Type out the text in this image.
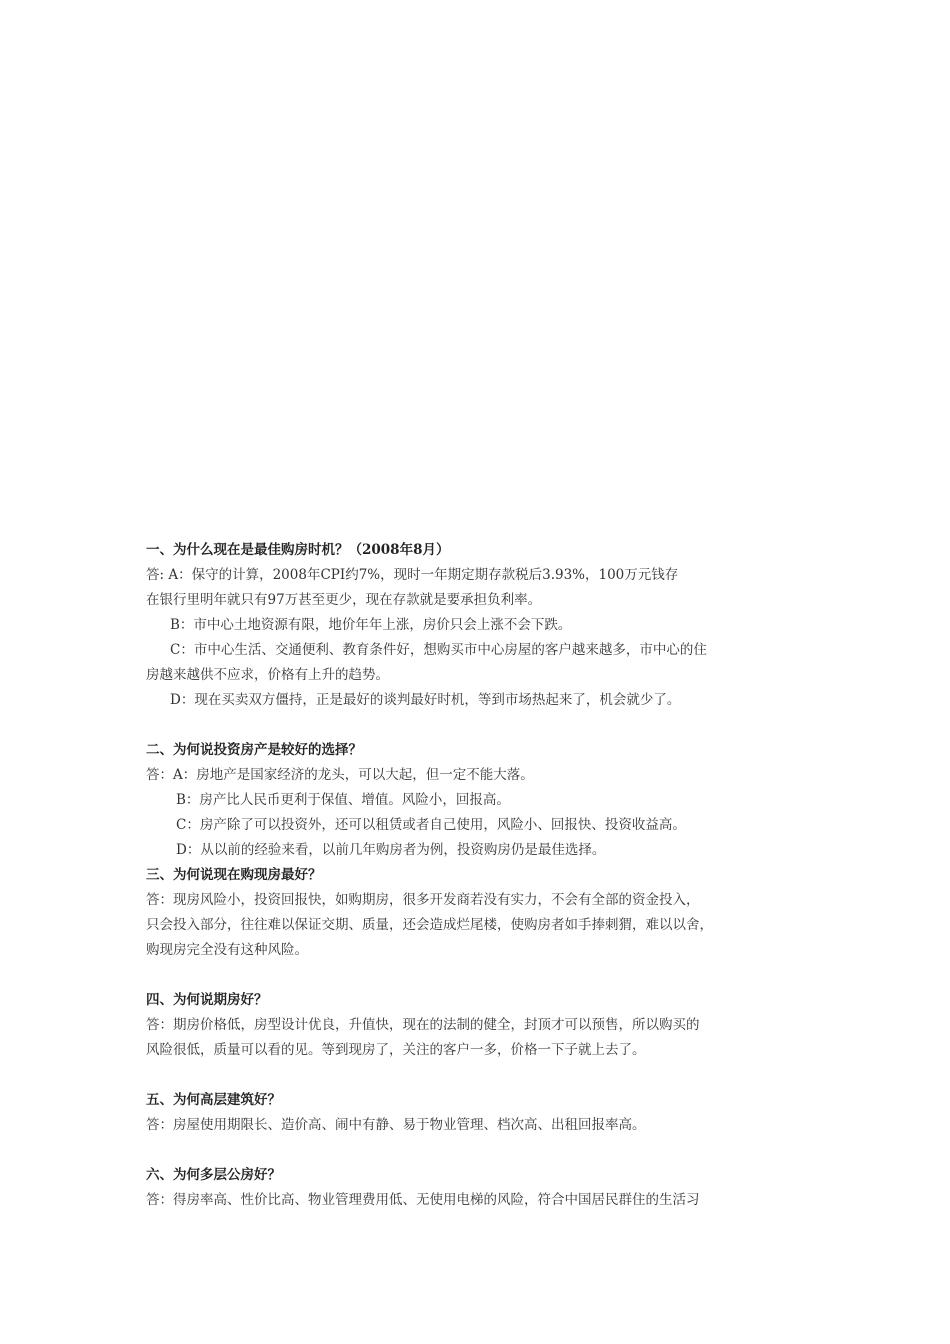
一、为什么现在是最佳购房时机？（2008年8月）
答: A：保守的计算，2008年CPI约7%，现时一年期定期存款税后3.93%，100万元钱存
在银行里明年就只有97万甚至更少，现在存款就是要承担负利率。
B：市中心土地资源有限，地价年年上涨，房价只会上涨不会下跌。
C：市中心生活、交通便利、教育条件好，想购买市中心房屋的客户越来越多，市中心的住
房越来越供不应求，价格有上升的趋势。
D：现在买卖双方僵持，正是最好的谈判最好时机，等到市场热起来了，机会就少了。
二、为何说投资房产是较好的选择？
答：A：房地产是国家经济的龙头，可以大起，但一定不能大落。
B：房产比人民币更利于保值、增值。风险小，回报高。
C：房产除了可以投资外，还可以租赁或者自己使用，风险小、回报快、投资收益高。
D：从以前的经验来看，以前几年购房者为例，投资购房仍是最佳选择。
三、为何说现在购现房最好？
答：现房风险小，投资回报快，如购期房，很多开发商若没有实力，不会有全部的资金投入，
只会投入部分，往往难以保证交期、质量，还会造成烂尾楼，使购房者如手捧刺猬，难以以舍，
购现房完全没有这种风险。
四、为何说期房好？
答：期房价格低，房型设计优良，升值快，现在的法制的健全，封顶才可以预售，所以购买的
风险很低，质量可以看的见。等到现房了，关注的客户一多，价格一下子就上去了。
五、为何高层建筑好？
答：房屋使用期限长、造价高、闹中有静、易于物业管理、档次高、出租回报率高。
六、为何多层公房好？
答：得房率高、性价比高、物业管理费用低、无使用电梯的风险，符合中国居民群住的生活习
